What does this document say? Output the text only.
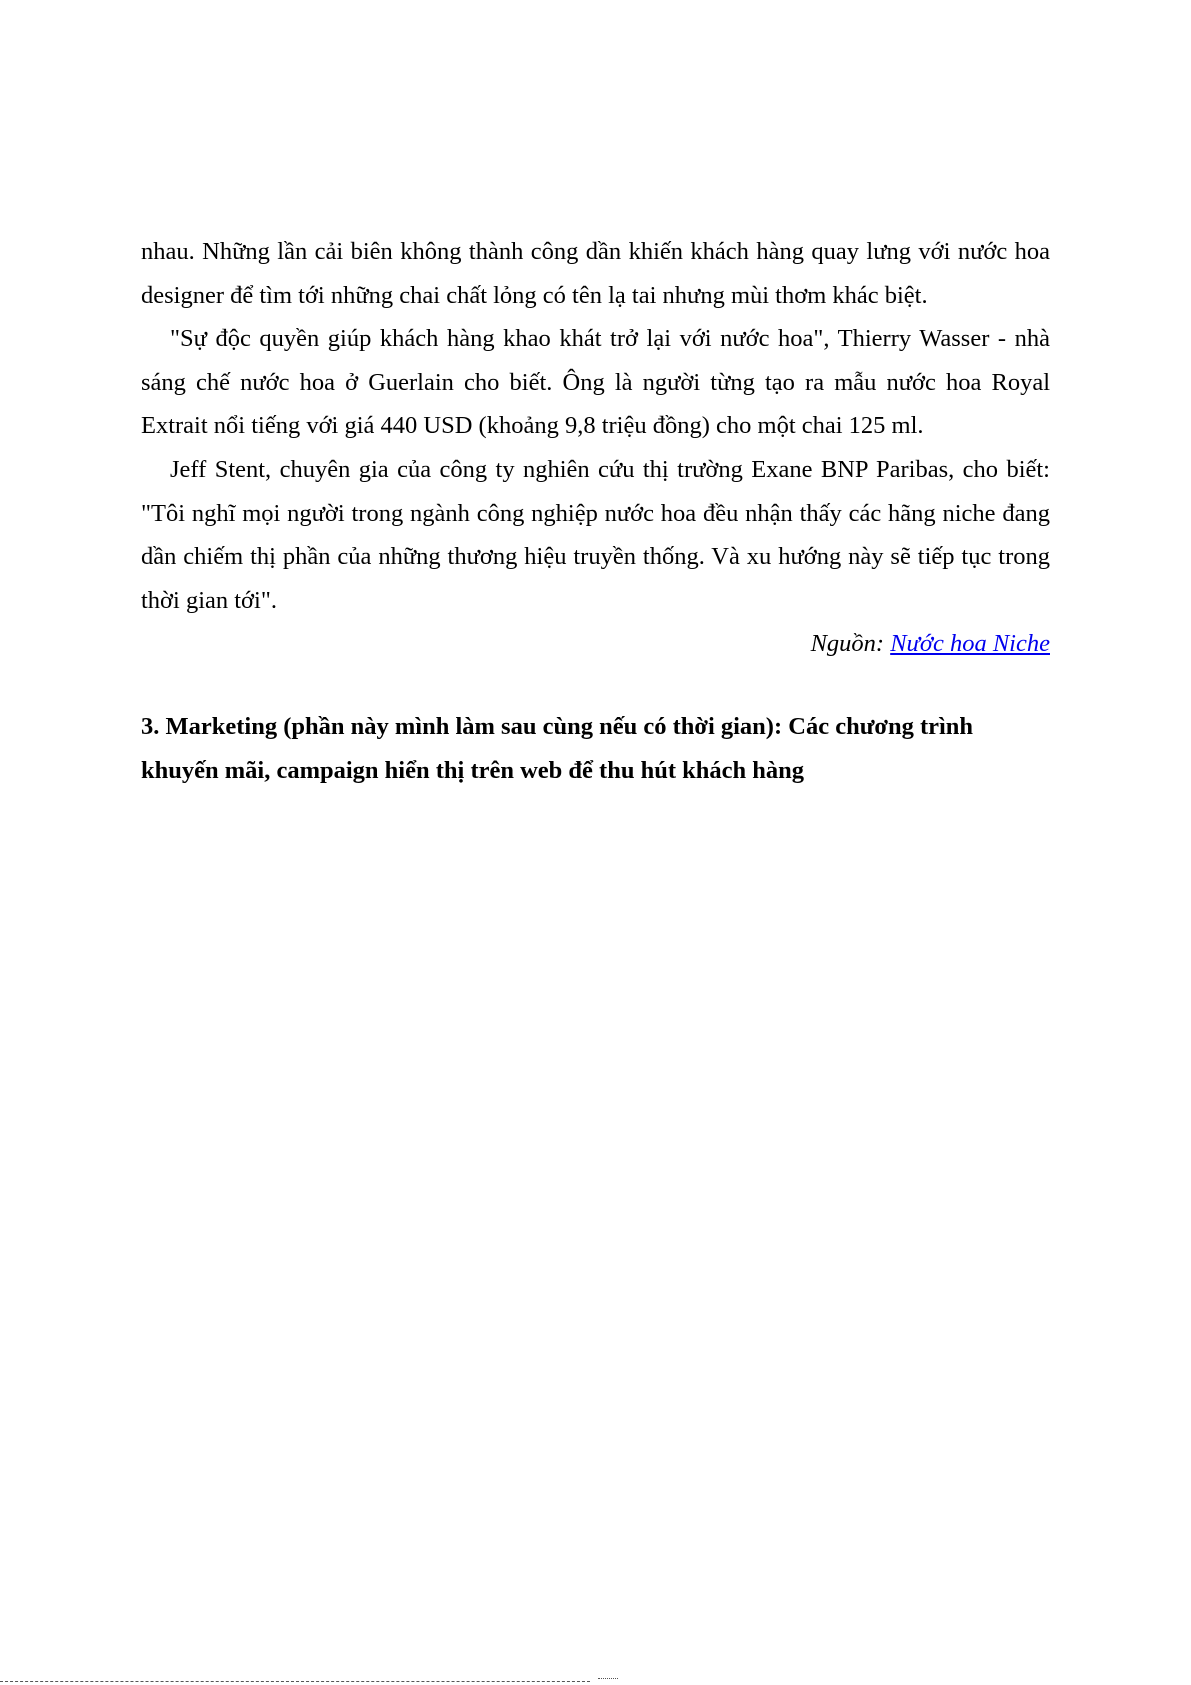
nhau. Những lần cải biên không thành công dần khiến khách hàng quay lưng với nước hoa designer để tìm tới những chai chất lỏng có tên lạ tai nhưng mùi thơm khác biệt.

"Sự độc quyền giúp khách hàng khao khát trở lại với nước hoa", Thierry Wasser - nhà sáng chế nước hoa ở Guerlain cho biết. Ông là người từng tạo ra mẫu nước hoa Royal Extrait nổi tiếng với giá 440 USD (khoảng 9,8 triệu đồng) cho một chai 125 ml.

Jeff Stent, chuyên gia của công ty nghiên cứu thị trường Exane BNP Paribas, cho biết: "Tôi nghĩ mọi người trong ngành công nghiệp nước hoa đều nhận thấy các hãng niche đang dần chiếm thị phần của những thương hiệu truyền thống. Và xu hướng này sẽ tiếp tục trong thời gian tới".

Nguồn: Nước hoa Niche

3. Marketing (phần này mình làm sau cùng nếu có thời gian): Các chương trình khuyến mãi, campaign hiển thị trên web để thu hút khách hàng
